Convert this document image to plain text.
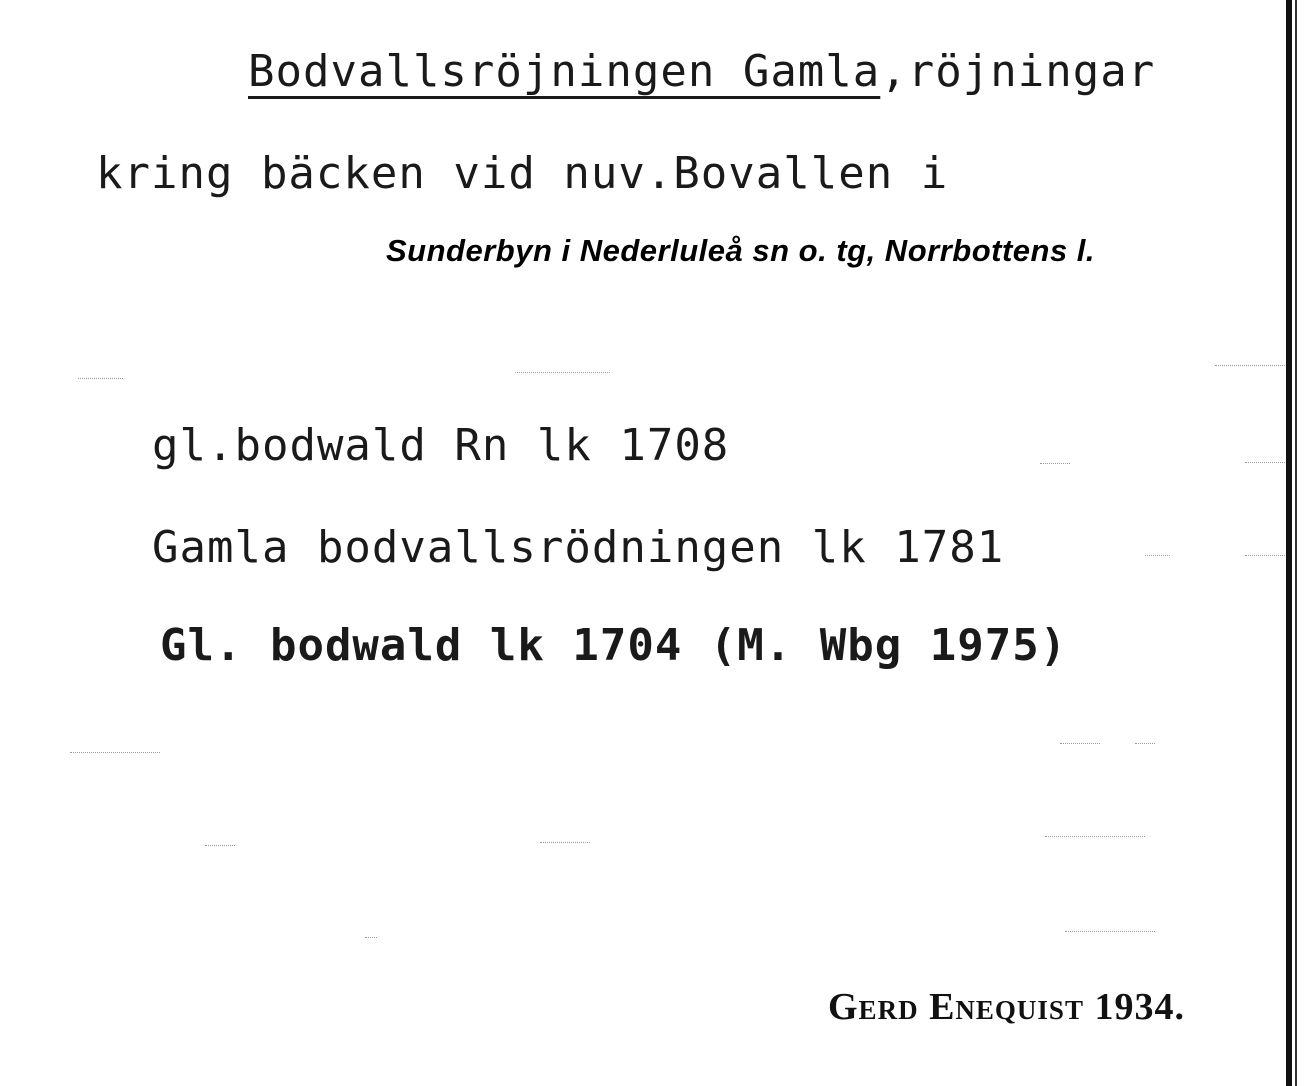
Bodvallsröjningen Gamla,röjningar
kring bäcken vid nuv.Bovallen i
Sunderbyn i Nederluleå sn o. tg, Norrbottens l.
gl.bodwald Rn lk 1708
Gamla bodvallsrödningen lk 1781
Gl. bodwald lk 1704 (M. Wbg 1975)
Gerd Enequist 1934.
